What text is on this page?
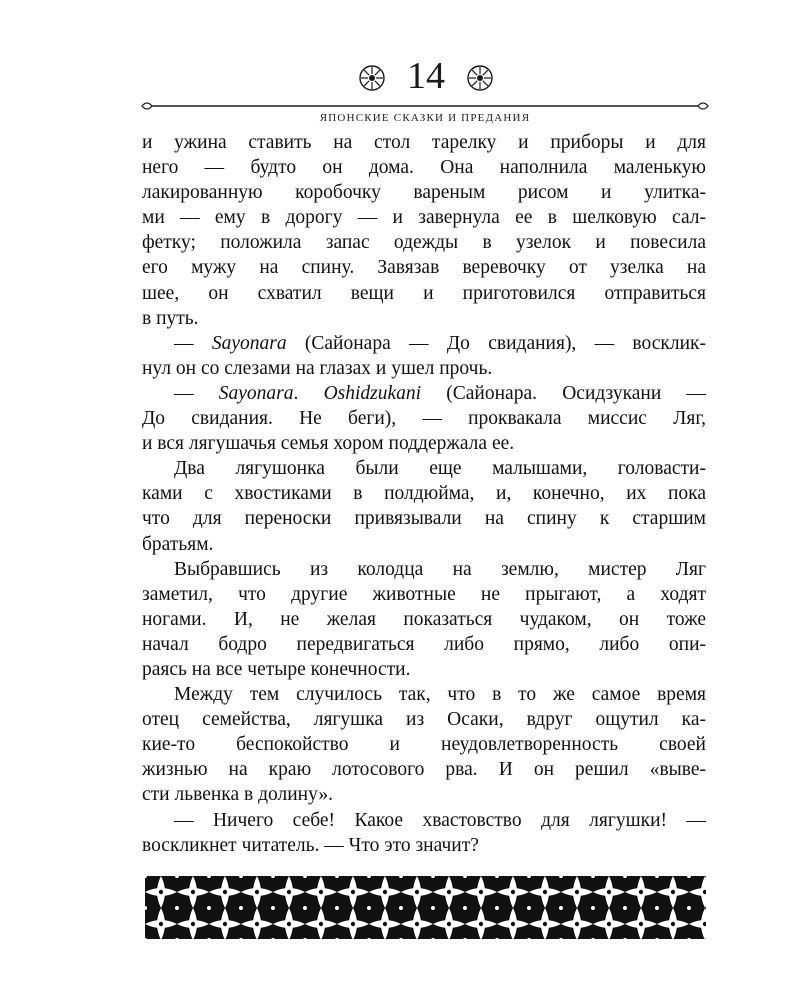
14
ЯПОНСКИЕ СКАЗКИ И ПРЕДАНИЯ
и ужина ставить на стол тарелку и приборы и для
него — будто он дома. Она наполнила маленькую
лакированную коробочку вареным рисом и улитка-
ми — ему в дорогу — и завернула ее в шелковую сал-
фетку; положила запас одежды в узелок и повесила
его мужу на спину. Завязав веревочку от узелка на
шее, он схватил вещи и приготовился отправиться
в путь.
— Sayonara (Сайонара — До свидания), — восклик-
нул он со слезами на глазах и ушел прочь.
— Sayonara. Oshidzukani (Сайонара. Осидзукани —
До свидания. Не беги), — проквакала миссис Ляг,
и вся лягушачья семья хором поддержала ее.
Два лягушонка были еще малышами, головасти-
ками с хвостиками в полдюйма, и, конечно, их пока
что для переноски привязывали на спину к старшим
братьям.
Выбравшись из колодца на землю, мистер Ляг
заметил, что другие животные не прыгают, а ходят
ногами. И, не желая показаться чудаком, он тоже
начал бодро передвигаться либо прямо, либо опи-
раясь на все четыре конечности.
Между тем случилось так, что в то же самое время
отец семейства, лягушка из Осаки, вдруг ощутил ка-
кие-то беспокойство и неудовлетворенность своей
жизнью на краю лотосового рва. И он решил «выве-
сти львенка в долину».
— Ничего себе! Какое хвастовство для лягушки! —
воскликнет читатель. — Что это значит?
